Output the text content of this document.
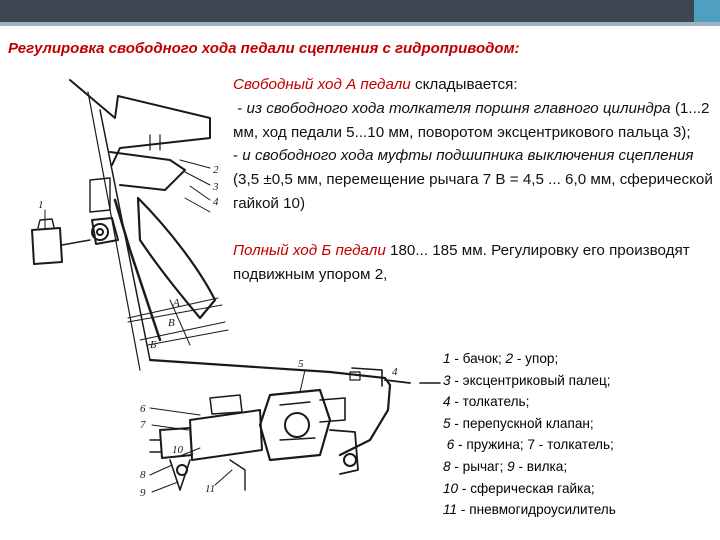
Регулировка свободного хода педали сцепления с гидроприводом:
2
3
4
1
А
Б
В
5
6
7
8
9
10
11
4

Свободный ход А педали складывается:

- из свободного хода толкателя поршня главного цилиндра (1...2 мм, ход педали 5...10 мм, поворотом эксцентрикового пальца 3);

- и свободного хода муфты подшипника выключения сцепления (3,5 ±0,5 мм, перемещение рычага 7 В = 4,5 ... 6,0 мм, сферической гайкой 10)

Полный ход Б педали 180... 185 мм. Регулировку его производят подвижным упором 2,

1 - бачок; 2 - упор;
3 - эксцентриковый палец;
4 - толкатель;
5 - перепускной клапан;
6 - пружина; 7 - толкатель;
8 - рычаг; 9 - вилка;
10 - сферическая гайка;
11 - пневмогидроусилитель
